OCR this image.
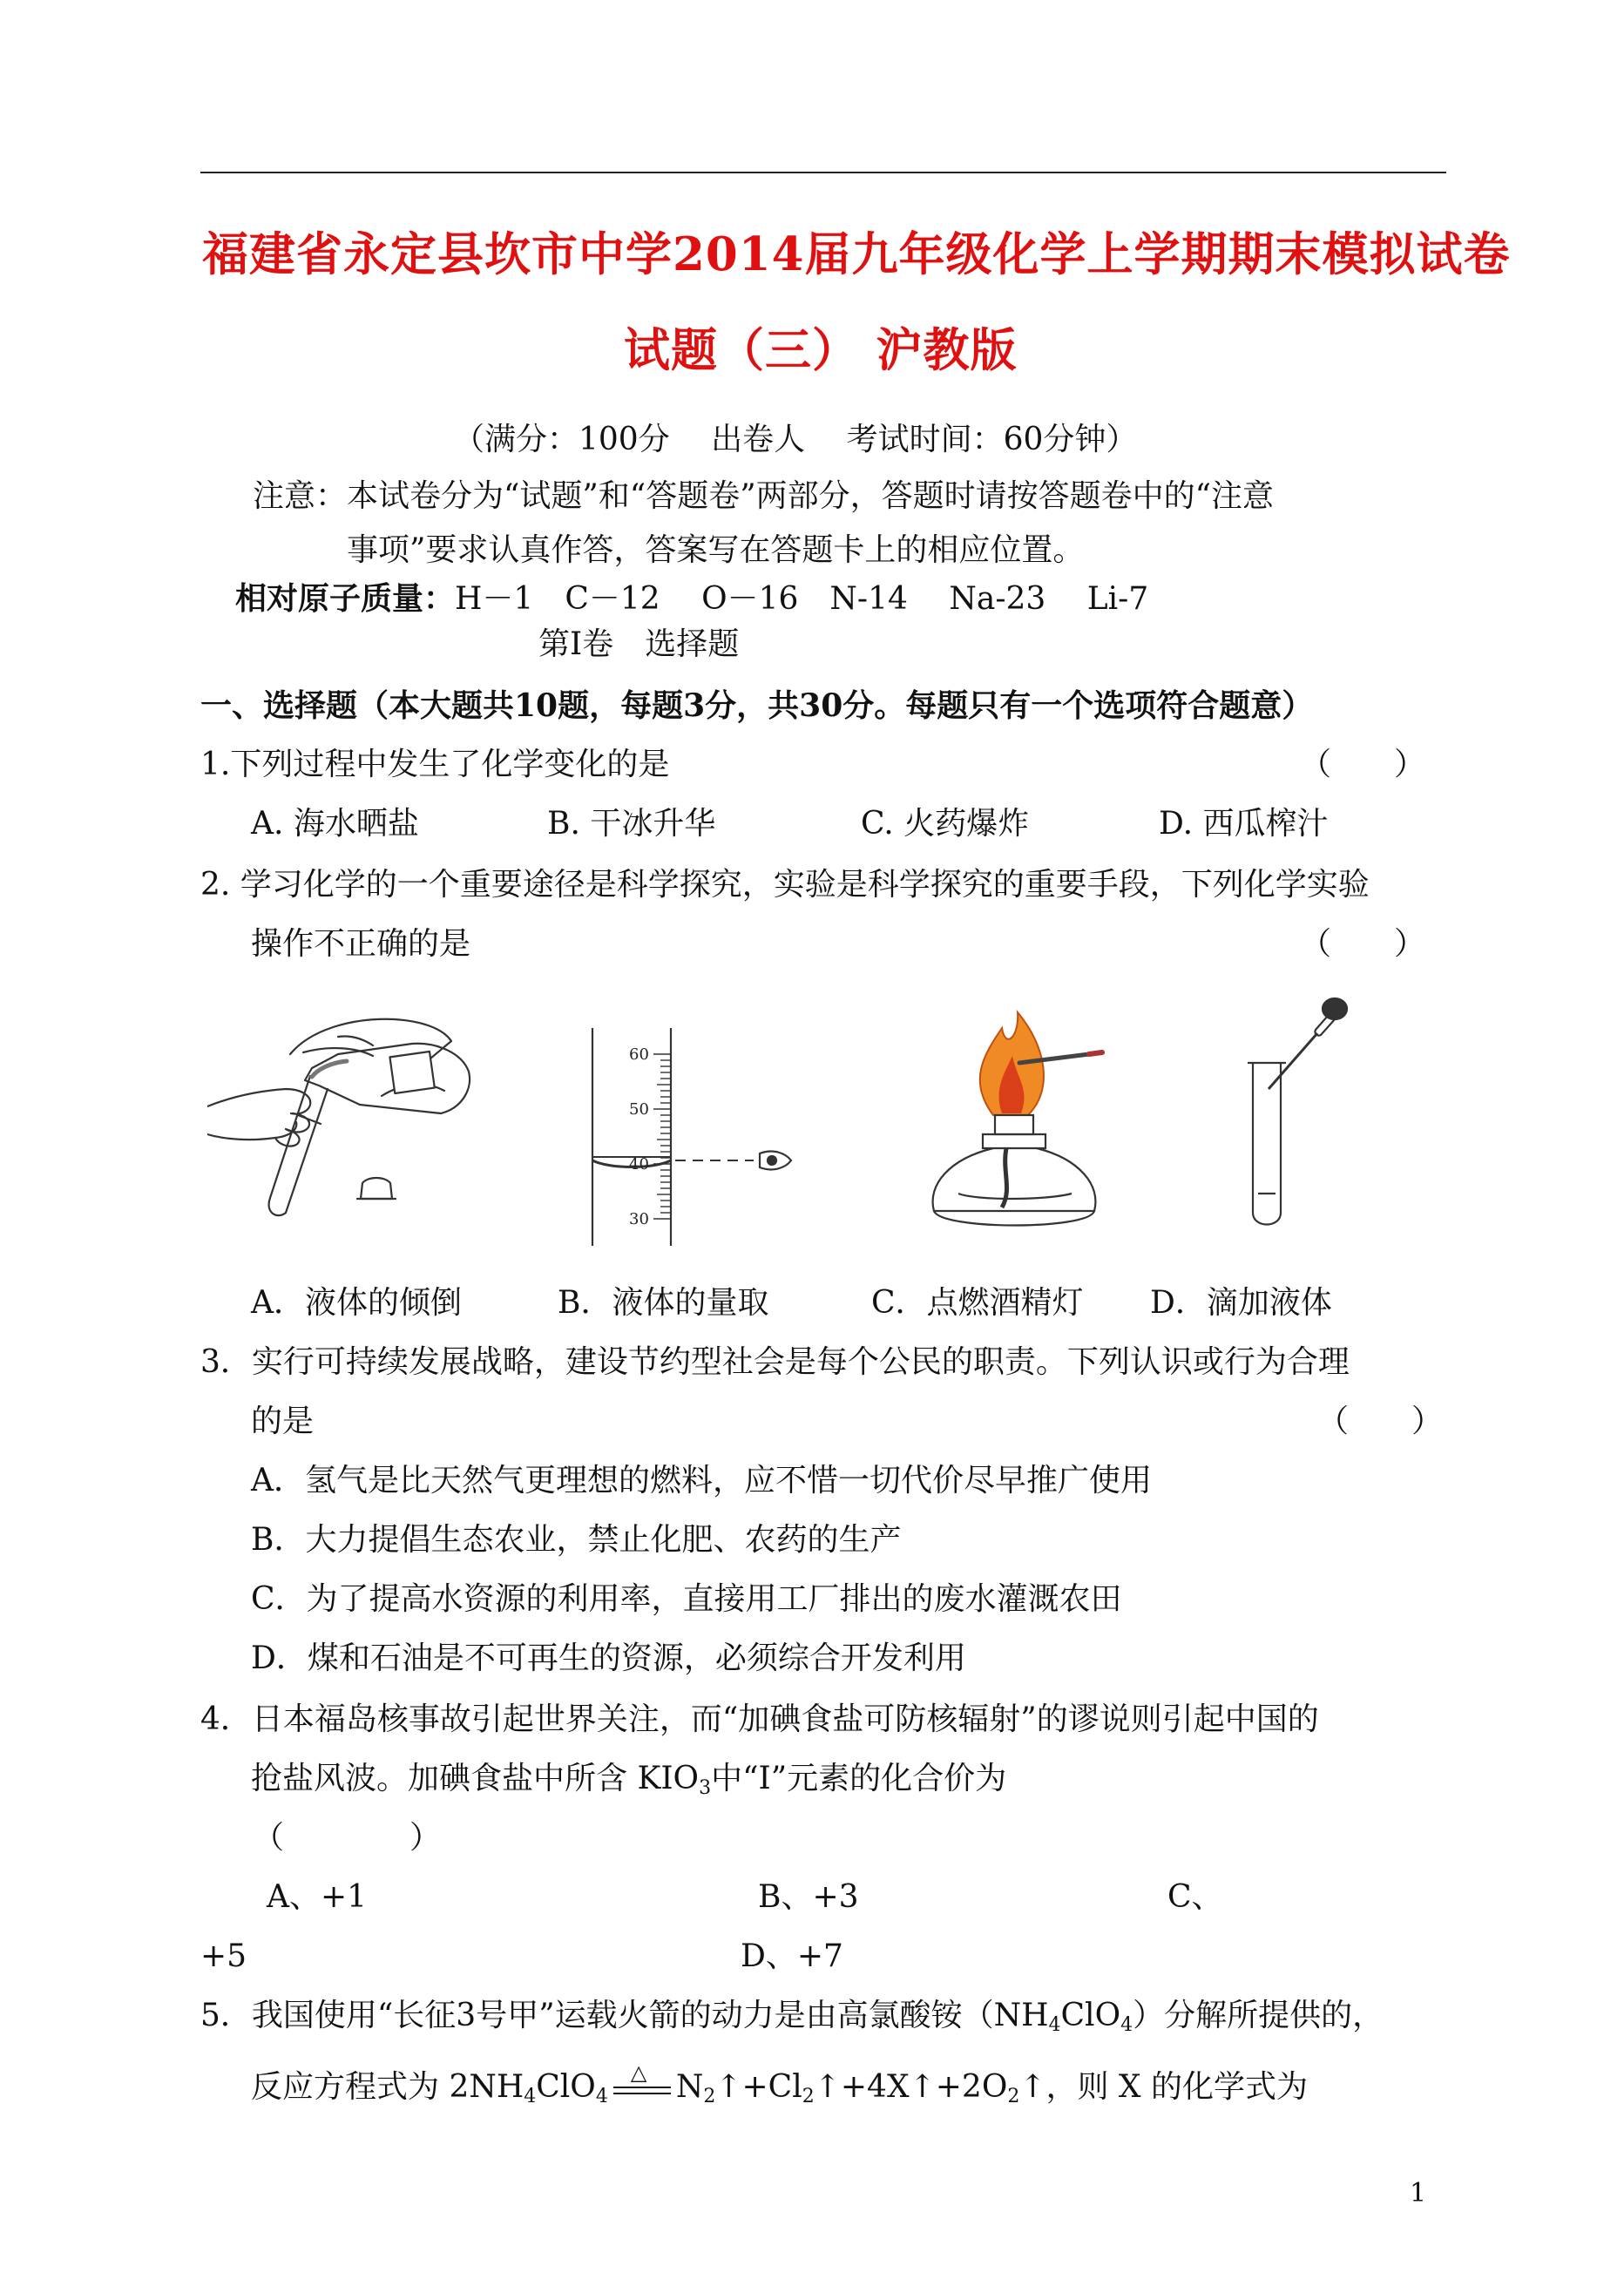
福建省永定县坎市中学2014届九年级化学上学期期末模拟试卷
试题（三） 沪教版
（满分：100分　 出卷人　 考试时间：60分钟）
注意：本试卷分为“试题”和“答题卷”两部分，答题时请按答题卷中的“注意
事项”要求认真作答，答案写在答题卡上的相应位置。
相对原子质量：H－1　C－12　 O－16　N-14　 Na-23　 Li-7
第Ⅰ卷　选择题
一、选择题（本大题共10题，每题3分，共30分。每题只有一个选项符合题意）
1.下列过程中发生了化学变化的是	（　　）
A. 海水晒盐	B. 干冰升华	C. 火药爆炸	D. 西瓜榨汁
2. 学习化学的一个重要途径是科学探究，实验是科学探究的重要手段，下列化学实验
操作不正确的是	（　　）
60
50
40
30
A．液体的倾倒	B．液体的量取	C．点燃酒精灯 D．滴加液体
3．实行可持续发展战略，建设节约型社会是每个公民的职责。下列认识或行为合理
的是	（　　）
A．氢气是比天然气更理想的燃料，应不惜一切代价尽早推广使用
B．大力提倡生态农业，禁止化肥、农药的生产
C．为了提高水资源的利用率，直接用工厂排出的废水灌溉农田
D．煤和石油是不可再生的资源，必须综合开发利用
4．日本福岛核事故引起世界关注，而“加碘食盐可防核辐射”的谬说则引起中国的
抢盐风波。加碘食盐中所含 $KIO_3$中“I”元素的化合价为
（　　　　）
A、+1	B、+3	C、
+5	D、+7
5．我国使用“长征3号甲”运载火箭的动力是由高氯酸铵$(NH_4ClO_4)$分解所提供的，
反应方程式为 $2NH_4ClO_4$
△ $N_2↑+Cl_2↑+4X↑+2O_2↑$，则 X 的化学式为
1
